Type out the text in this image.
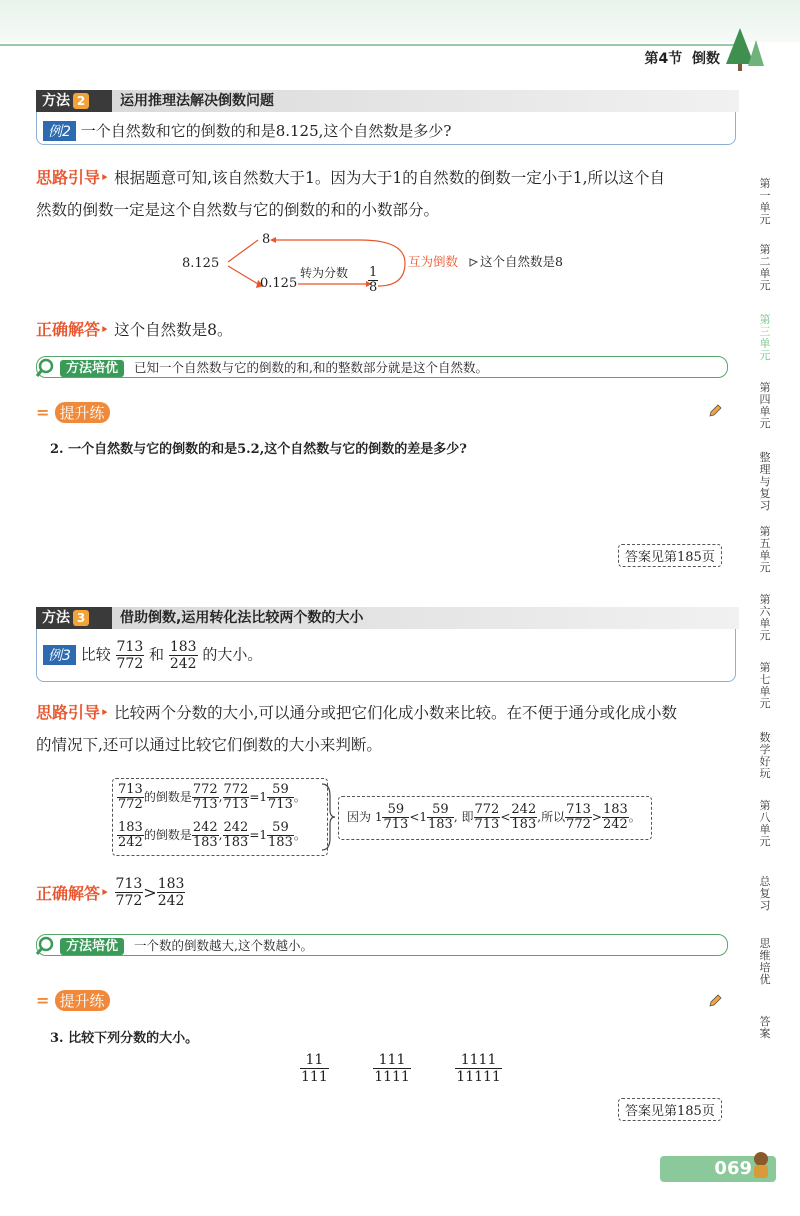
第4节 倒数
方法 2	运用推理法解决倒数问题
例2 一个自然数和它的倒数的和是8.125,这个自然数是多少?
思路引导‣ 根据题意可知,该自然数大于1。因为大于1的自然数的倒数一定小于1,所以这个自
然数的倒数一定是这个自然数与它的倒数的和的小数部分。
8.125
8
0.125
转为分数 $\frac{1}{8}$
互为倒数 这个自然数是8
正确解答‣ 这个自然数是8。
方法培优 已知一个自然数与它的倒数的和,和的整数部分就是这个自然数。
= 提升练
2. 一个自然数与它的倒数的和是5.2,这个自然数与它的倒数的差是多少?
答案见第185页
方法 3	借助倒数,运用转化法比较两个数的大小
例3 比较 $\frac{713}{772}$ 和 $\frac{183}{242}$ 的大小。
思路引导‣ 比较两个分数的大小,可以通分或把它们化成小数来比较。在不便于通分或化成小数
的情况下,还可以通过比较它们倒数的大小来判断。
$\frac{713}{772}$ 的倒数是 $\frac{772}{713}$ , $\frac{772}{713} =1 \frac{59}{713}$ 。
$\frac{183}{242}$ 的倒数是 $\frac{242}{183}$ , $\frac{242}{183} =1 \frac{59}{183}$ 。
因为 $1 \frac{59}{713} <1 \frac{59}{183}$ , 即 $\frac{772}{713} < \frac{242}{183}$ ,所以 $\frac{713}{772} > \frac{183}{242}$ 。
正确解答‣ $\frac{713}{772} > \frac{183}{242}$
方法培优 一个数的倒数越大,这个数越小。
= 提升练
3. 比较下列分数的大小。
$\frac{11}{111}$
	$\frac{111}{1111}$
	$\frac{1111}{11111}$
答案见第185页
第
一
单
元
第
二
单
元
第
三
单
元
第
四
单
元
整
理
与
复
习
第
五
单
元
第
六
单
元
第
七
单
元
数
学
好
玩
第
八
单
元
总
复
习
思
维
培
优
答
案
069
